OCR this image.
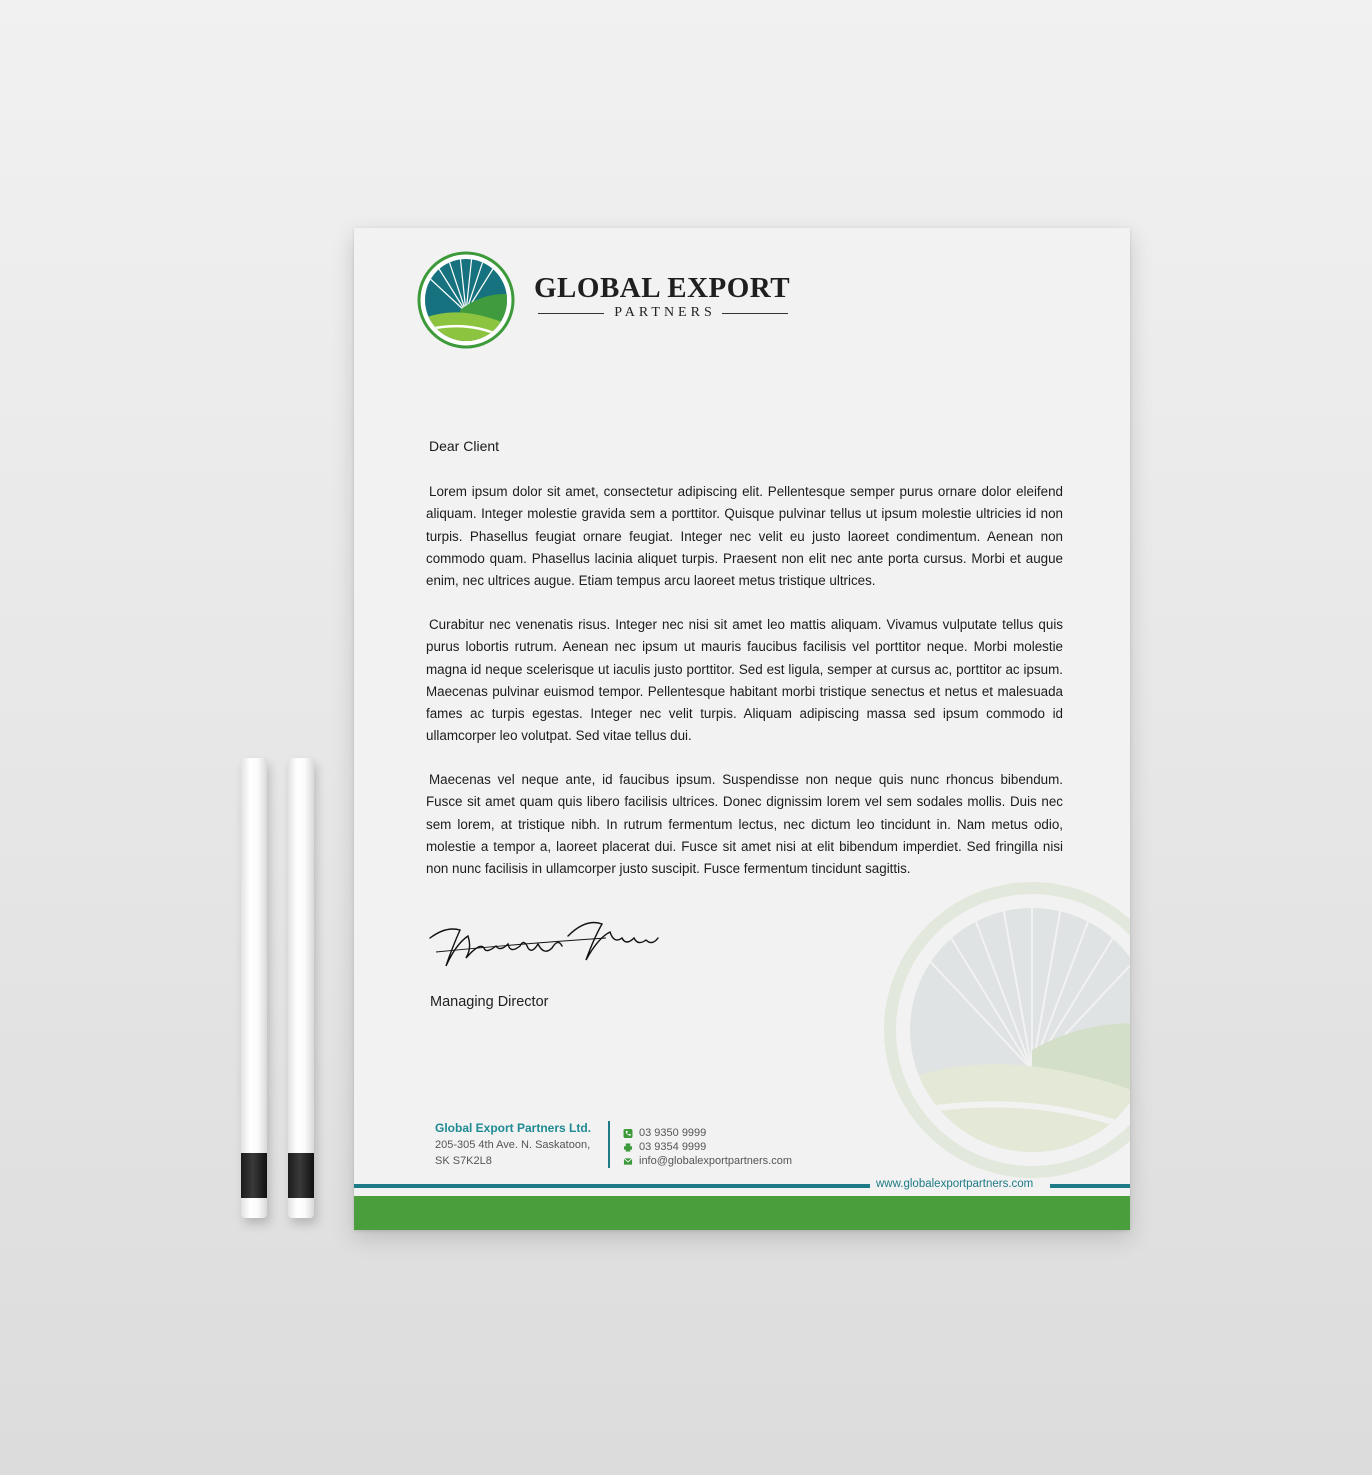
GLOBAL EXPORT
PARTNERS
Dear Client

Lorem ipsum dolor sit amet, consectetur adipiscing elit. Pellentesque semper purus ornare dolor eleifend aliquam. Integer molestie gravida sem a porttitor. Quisque pulvinar tellus ut ipsum molestie ultricies id non turpis. Phasellus feugiat ornare feugiat. Integer nec velit eu justo laoreet condimentum. Aenean non commodo quam. Phasellus lacinia aliquet turpis. Praesent non elit nec ante porta cursus. Morbi et augue enim, nec ultrices augue. Etiam tempus arcu laoreet metus tristique ultrices.

Curabitur nec venenatis risus. Integer nec nisi sit amet leo mattis aliquam. Vivamus vulputate tellus quis purus lobortis rutrum. Aenean nec ipsum ut mauris faucibus facilisis vel porttitor neque. Morbi molestie magna id neque scelerisque ut iaculis justo porttitor. Sed est ligula, semper at cursus ac, porttitor ac ipsum. Maecenas pulvinar euismod tempor. Pellentesque habitant morbi tristique senectus et netus et malesuada fames ac turpis egestas. Integer nec velit turpis. Aliquam adipiscing massa sed ipsum commodo id ullamcorper leo volutpat. Sed vitae tellus dui.

Maecenas vel neque ante, id faucibus ipsum. Suspendisse non neque quis nunc rhoncus bibendum. Fusce sit amet quam quis libero facilisis ultrices. Donec dignissim lorem vel sem sodales mollis. Duis nec sem lorem, at tristique nibh. In rutrum fermentum lectus, nec dictum leo tincidunt in. Nam metus odio, molestie a tempor a, laoreet placerat dui. Fusce sit amet nisi at elit bibendum imperdiet. Sed fringilla nisi non nunc facilisis in ullamcorper justo suscipit. Fusce fermentum tincidunt sagittis.

Managing Director
Global Export Partners Ltd.
205-305 4th Ave. N. Saskatoon,
SK S7K2L8
03 9350 9999
03 9354 9999
info@globalexportpartners.com
www.globalexportpartners.com
